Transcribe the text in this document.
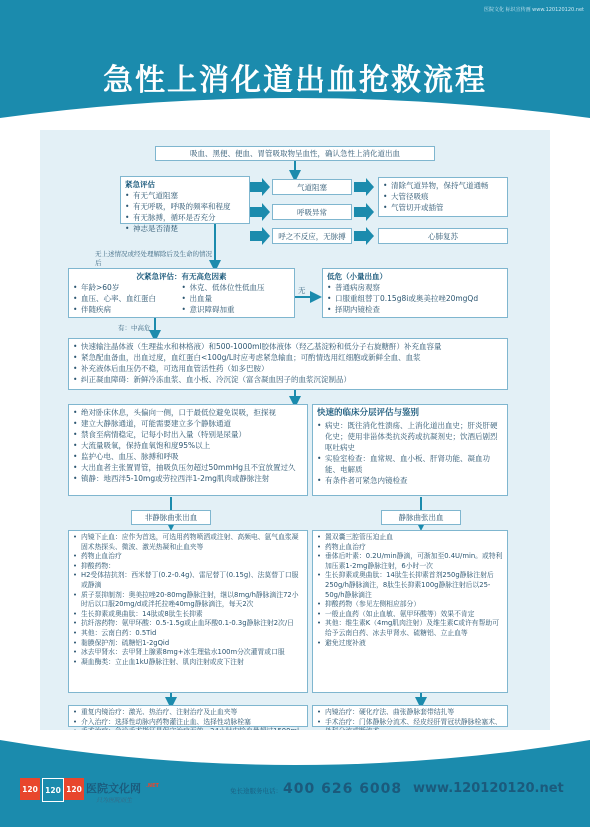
医院文化 标识宣传画 www.120120120.net
急性上消化道出血抢救流程
吸血、黑便、便血、胃管吸取物呈血性，确认急性上消化道出血
紧急评估
• 有无气道阻塞
• 有无呼吸，呼吸的频率和程度
• 有无脉搏，循环是否充分
• 神志是否清楚
气道阻塞
呼吸异常
呼之不反应，无脉搏
• 清除气道异物，保持气道通畅
• 大管径吸痕
• 气管切开或插管
心肺复苏
无上述情况或经处理解除后及生命的情况后
次紧急评估：有无高危因素
• 年龄>60岁
• 血压、心率、血红蛋白
• 伴随疾病
• 休克、低体位性低血压
• 出血量
• 意识障碍加重
无
有：中高危
低危（小量出血）
• 普通病房观察
• 口服重组替丁0.15g8i或奥美拉唑20mgQd
• 择期内镜检查
• 快速输注晶体液（生理盐水和林格液）和500-1000ml胶体液体（羟乙基淀粉和低分子右旋糖酐）补充血容量
• 紧急配血备血，出血过度，血红蛋白<100g/L时应考虑紧急输血；可酌情选用红细胞或新鲜全血、血浆
• 补充液体后血压仍不稳，可选用血管活性药（如多巴胺）
• 纠正凝血障碍：新鲜冷冻血浆、血小板、冷沉淀（富含凝血因子的血浆沉淀制品）
• 绝对卧床休息，头偏向一侧，口于最低位避免误吸，拒探视
• 建立大静脉通道，可能需要建立多个静脉通道
• 禁食至病情稳定，记每小时出入量（特别是尿量）
• 大流量吸氧，保持血氧饱和度95%以上
• 监护心电、血压、脉搏和呼吸
• 大出血者主张置胃管，抽吸负压勿超过50mmHg且不宜放置过久
• 镇静：地西泮5-10mg或劳拉西泮1-2mg肌肉或静脉注射
快速的临床分层评估与鉴别
• 病史：既往消化性溃疡、上消化道出血史；肝炎肝硬化史；使用非甾体类抗炎药或抗凝剂史；饮酒后剧烈呕吐病史
• 实验室检查：血常规、血小板、肝肾功能、凝血功能、电解质
• 有条件者可紧急内镜检查
非静脉曲张出血	静脉曲张出血
• 内镜下止血：应作为首选，可选用药物喷洒或注射、高频电、氩气血浆凝固术热探头、微波、激光热凝和止血夹等
• 药物止血治疗
• 抑酸药物：
• H2受体拮抗剂：西米替丁(0.2-0.4g)、雷尼替丁(0.15g)、法莫替丁口服或静滴
• 质子泵抑制剂：奥美拉唑20-80mg静脉注射，继以8mg/h静脉滴注72小时后以口服20mg/d或泮托拉唑40mg静脉滴注，每天2次
• 生长抑素或奥曲肽：14肽或8肽生长抑素
• 抗纤溶药物：氨甲环酸：0.5-1.5g或止血环酸0.1-0.3g静脉注射2次/日
• 其他：云南白药：0.5Tid
• 黏膜保护剂：硫糖铝1-2gQid
• 冰去甲肾水：去甲肾上腺素8mg+冰生理盐水100m分次灌胃或口服
• 凝血酶类：立止血1kU静脉注射、肌肉注射或皮下注射
• 置双囊三腔管压迫止血
• 药物止血治疗
• 垂体后叶素：0.2U/min静滴，可渐加至0.4U/min。或特利加压素1-2mg静脉注射，6小时一次
• 生长抑素或奥曲肽：14肽生长抑素首剂250g静脉注射后250g/h静脉滴注，8肽生长抑素100g静脉注射后以25-50g/h静脉滴注
• 抑酸药物（参见左侧相应部分）
• 一般止血药（如止血敏、氨甲环酸等）效果不肯定
• 其他：维生素K（4mg肌肉注射）及维生素C或许有帮助可给予云南白药、冰去甲肾水、硫糖铝、立止血等
• 避免过度补液
• 重复内镜治疗：激光、热治疗、注射治疗及止血夹等
• 介入治疗：选择性动脉内药物灌注止血、选择性动脉栓塞
•
• 内镜治疗：硬化疗法、曲张静脉套带结扎等
• 手术治疗：门体静脉分流术、经皮经肝胃冠状静脉栓塞术、
120 120 120 医院文化网 .NET
只为医院而生
免长途服务电话： 400 626 6008 www.120120120.net
